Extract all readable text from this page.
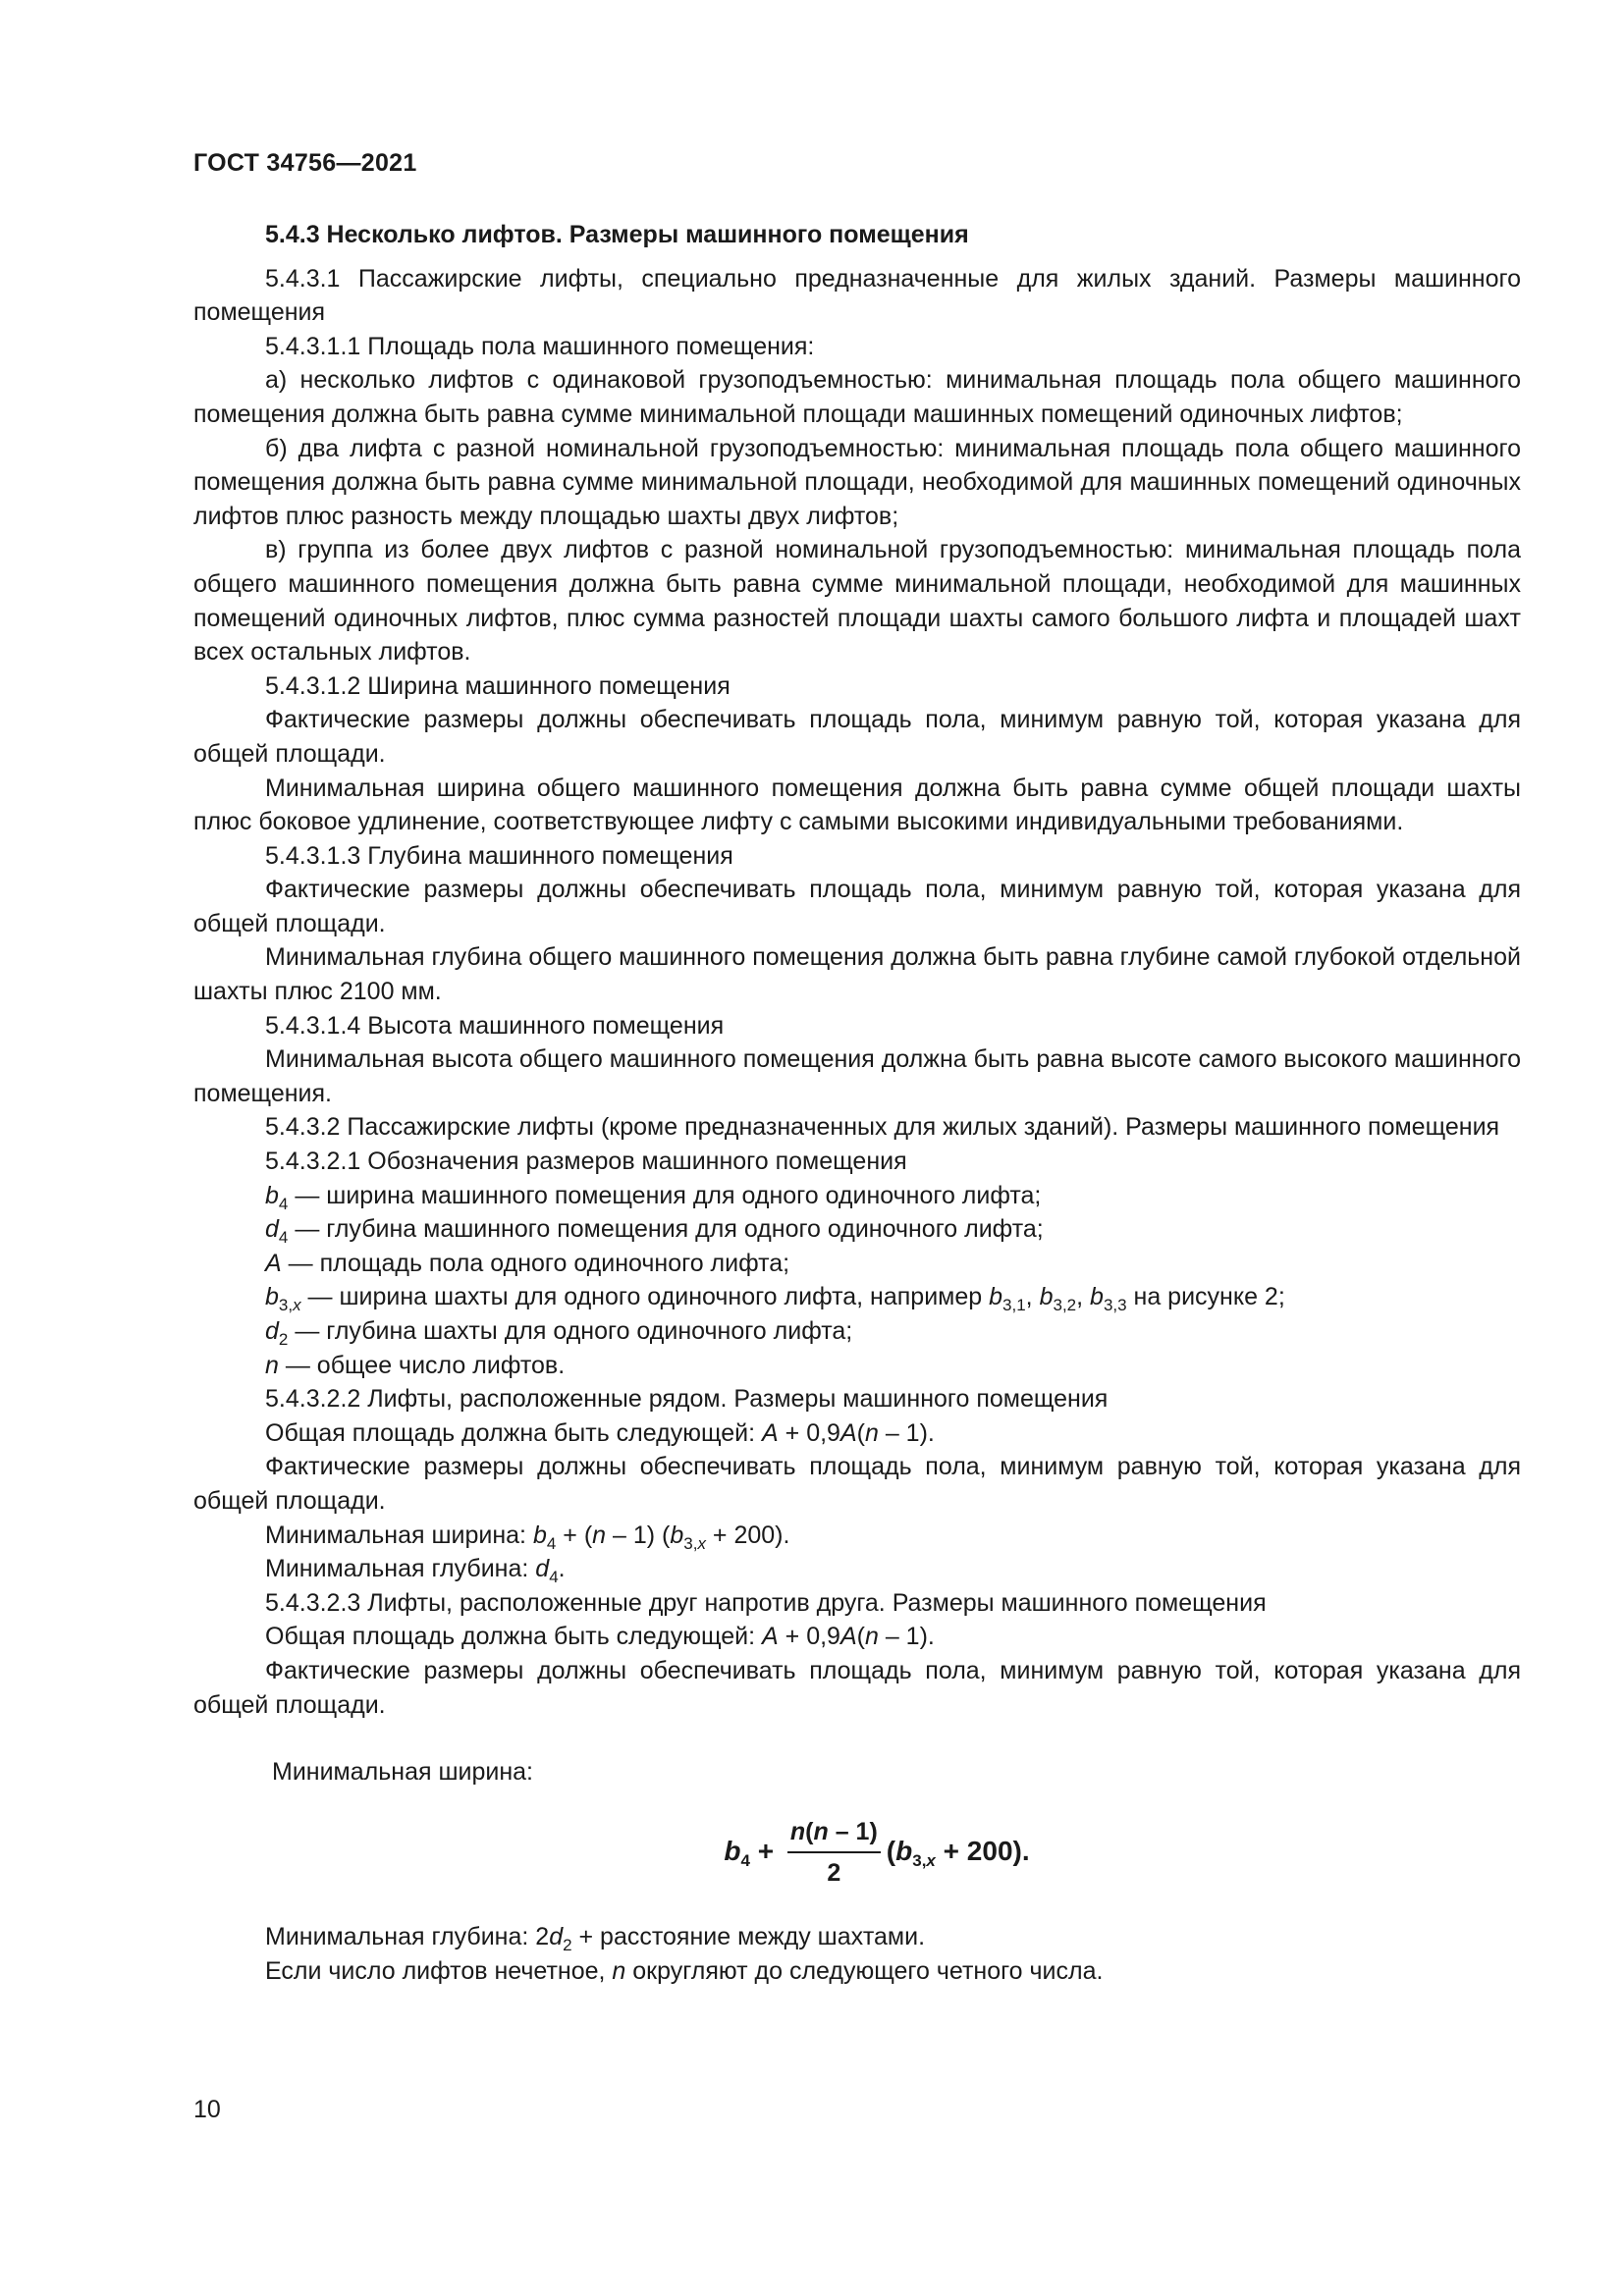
ГОСТ 34756—2021

5.4.3 Несколько лифтов. Размеры машинного помещения

5.4.3.1 Пассажирские лифты, специально предназначенные для жилых зданий. Размеры машинного помещения

5.4.3.1.1 Площадь пола машинного помещения:

а) несколько лифтов с одинаковой грузоподъемностью: минимальная площадь пола общего машинного помещения должна быть равна сумме минимальной площади машинных помещений одиночных лифтов;

б) два лифта с разной номинальной грузоподъемностью: минимальная площадь пола общего машинного помещения должна быть равна сумме минимальной площади, необходимой для машинных помещений одиночных лифтов плюс разность между площадью шахты двух лифтов;

в) группа из более двух лифтов с разной номинальной грузоподъемностью: минимальная площадь пола общего машинного помещения должна быть равна сумме минимальной площади, необходимой для машинных помещений одиночных лифтов, плюс сумма разностей площади шахты самого большого лифта и площадей шахт всех остальных лифтов.

5.4.3.1.2 Ширина машинного помещения

Фактические размеры должны обеспечивать площадь пола, минимум равную той, которая указана для общей площади.

Минимальная ширина общего машинного помещения должна быть равна сумме общей площади шахты плюс боковое удлинение, соответствующее лифту с самыми высокими индивидуальными требованиями.

5.4.3.1.3 Глубина машинного помещения

Фактические размеры должны обеспечивать площадь пола, минимум равную той, которая указана для общей площади.

Минимальная глубина общего машинного помещения должна быть равна глубине самой глубокой отдельной шахты плюс 2100 мм.

5.4.3.1.4 Высота машинного помещения

Минимальная высота общего машинного помещения должна быть равна высоте самого высокого машинного помещения.

5.4.3.2 Пассажирские лифты (кроме предназначенных для жилых зданий). Размеры машинного помещения

5.4.3.2.1 Обозначения размеров машинного помещения

$b_4$ — ширина машинного помещения для одного одиночного лифта;

$d_4$ — глубина машинного помещения для одного одиночного лифта;

A — площадь пола одного одиночного лифта;

$b_{3,x}$ — ширина шахты для одного одиночного лифта, например $b_{3,1}$, $b_{3,2}$, $b_{3,3}$ на рисунке 2;

$d_2$ — глубина шахты для одного одиночного лифта;

n — общее число лифтов.

5.4.3.2.2 Лифты, расположенные рядом. Размеры машинного помещения

Общая площадь должна быть следующей: A + 0,9A(n – 1).

Фактические размеры должны обеспечивать площадь пола, минимум равную той, которая указана для общей площади.

Минимальная ширина: $b_4 + (n - 1) (b_{3,x} + 200)$.

Минимальная глубина: $d_4$.

5.4.3.2.3 Лифты, расположенные друг напротив друга. Размеры машинного помещения

Общая площадь должна быть следующей: A + 0,9A(n – 1).

Фактические размеры должны обеспечивать площадь пола, минимум равную той, которая указана для общей площади.

Минимальная ширина:

$b_4 + \frac{n(n - 1)}{2} (b_{3,x} + 200)$.

Минимальная глубина: $2d_2$ + расстояние между шахтами.

Если число лифтов нечетное, n округляют до следующего четного числа.

10
